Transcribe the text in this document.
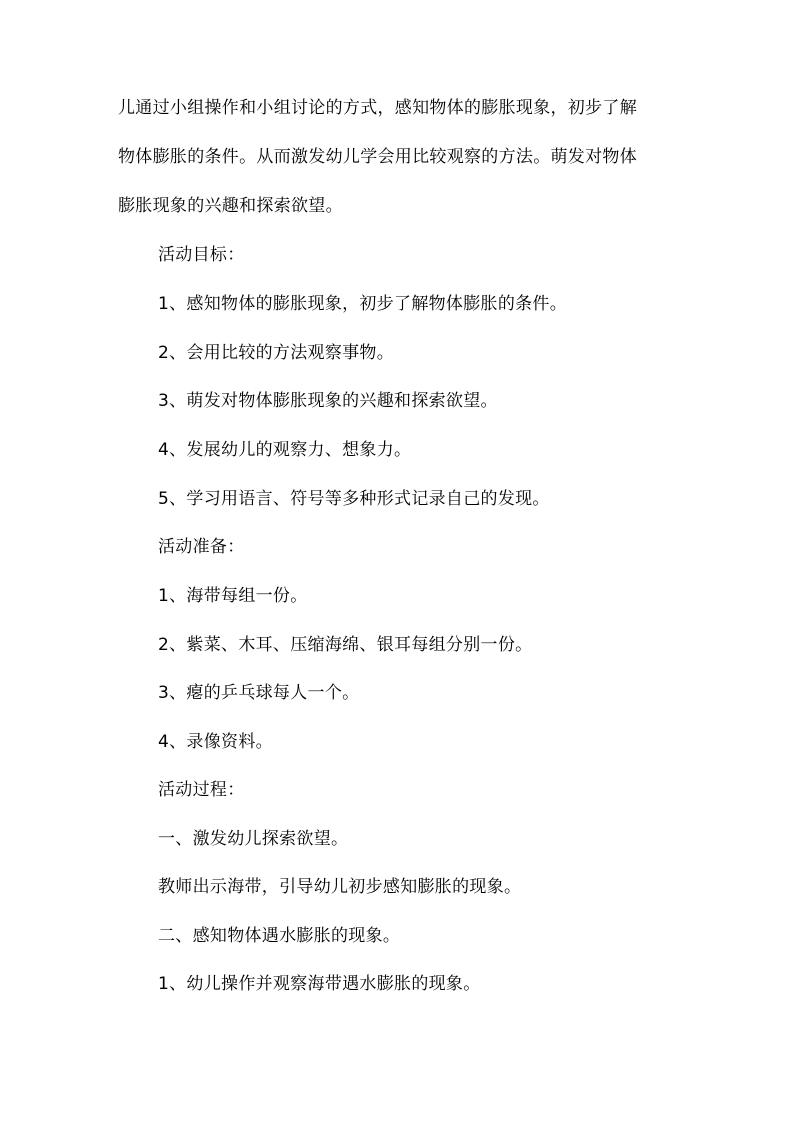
儿通过小组操作和小组讨论的方式，感知物体的膨胀现象，初步了解
物体膨胀的条件。从而激发幼儿学会用比较观察的方法。萌发对物体
膨胀现象的兴趣和探索欲望。
活动目标：
1、感知物体的膨胀现象，初步了解物体膨胀的条件。
2、会用比较的方法观察事物。
3、萌发对物体膨胀现象的兴趣和探索欲望。
4、发展幼儿的观察力、想象力。
5、学习用语言、符号等多种形式记录自己的发现。
活动准备：
1、海带每组一份。
2、紫菜、木耳、压缩海绵、银耳每组分别一份。
3、瘪的乒乓球每人一个。
4、录像资料。
活动过程：
一、激发幼儿探索欲望。
教师出示海带，引导幼儿初步感知膨胀的现象。
二、感知物体遇水膨胀的现象。
1、幼儿操作并观察海带遇水膨胀的现象。
